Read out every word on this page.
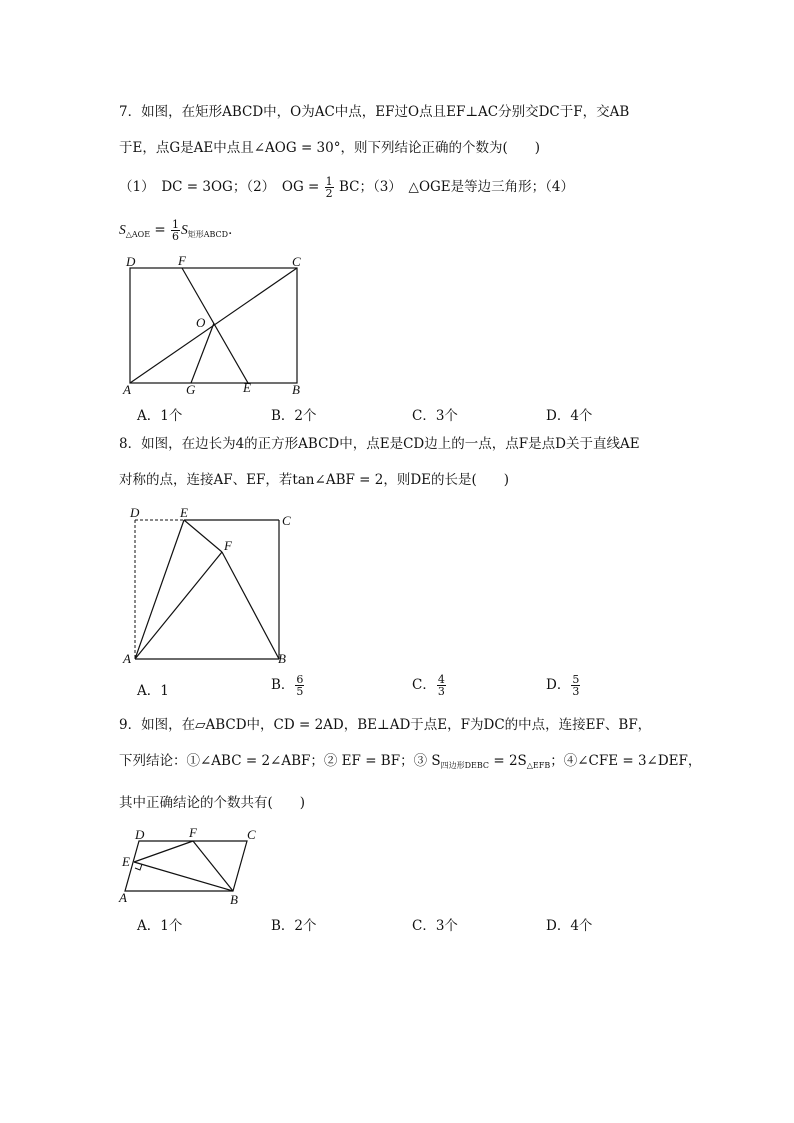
7．如图，在矩形ABCD中，O为AC中点，EF过O点且EF⊥AC分别交DC于F，交AB
于E，点G是AE中点且∠AOG = 30°，则下列结论正确的个数为(　　)
（1）　DC = 3OG；（2）　OG = $\frac{1}{2}$ BC；（3）　△OGE是等边三角形；（4）
$S_{\triangle AOE} = \frac{1}{6} S_{矩形ABCD}$．
D	F	C
O
A	G	E	B
A．1个	B．2个	C．3个	D．4个
8．如图，在边长为4的正方形ABCD中，点E是CD边上的一点，点F是点D关于直线AE
对称的点，连接AF、EF，若tan∠ABF = 2，则DE的长是(　　)
D	E
C
F
A	B
A．1	B． $\frac{6}{5}$	C． $\frac{4}{3}$	D． $\frac{5}{3}$
9．如图，在▱ABCD中，CD = 2AD，BE⊥AD于点E，F为DC的中点，连接EF、BF，
下列结论：①∠ABC = 2∠ABF；② EF = BF；③ $S_{四边形DEBC} = 2S_{\triangle EFB}$；④∠CFE = 3∠DEF，
其中正确结论的个数共有(　　)
D	F	C
E
A	B
A．1个	B．2个	C．3个	D．4个
